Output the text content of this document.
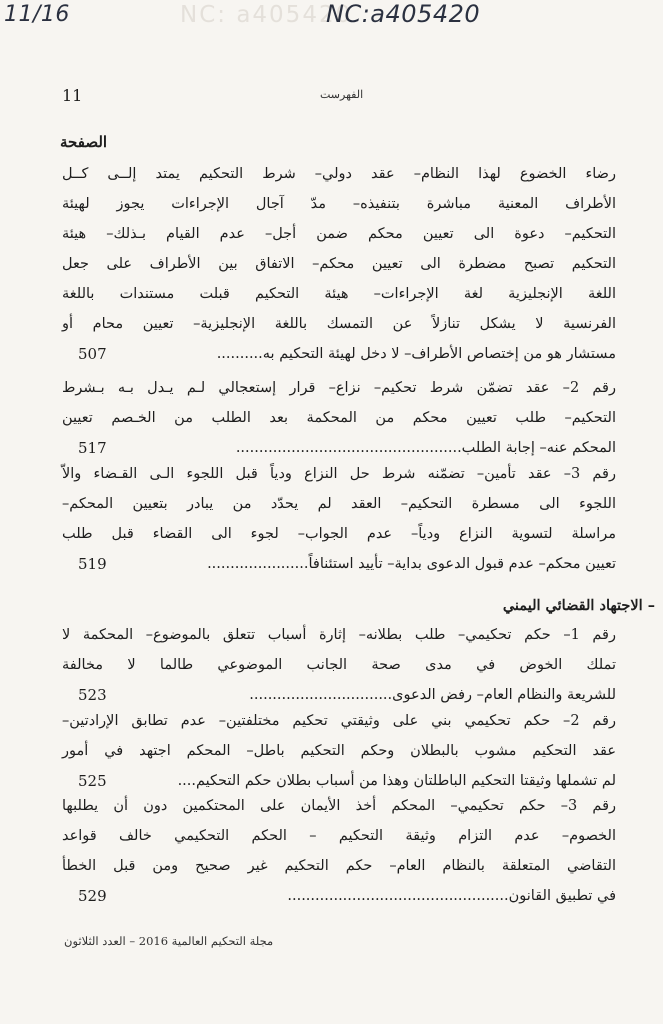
NC: a405420
11/16	NC:a405420
11	الفهرست
الصفحة
رضاء الخضوع لهذا النظام– عقد دولي– شرط التحكيم يمتد إلــى كــل
الأطراف المعنية مباشرة بتنفيذه– مدّ آجال الإجراءات يجوز لهيئة
التحكيم– دعوة الى تعيين محكم ضمن أجل– عدم القيام بـذلك– هيئة
التحكيم تصبح مضطرة الى تعيين محكم– الاتفاق بين الأطراف على جعل
اللغة الإنجليزية لغة الإجراءات– هيئة التحكيم قبلت مستندات باللغة
الفرنسية لا يشكل تنازلاً عن التمسك باللغة الإنجليزية– تعيين محام أو
مستشار هو من إختصاص الأطراف– لا دخل لهيئة التحكيم به..........
507
رقم 2– عقد تضمّن شرط تحكيم– نزاع– قرار إستعجالي لـم يـدل بـه بـشرط
التحكيم– طلب تعيين محكم من المحكمة بعد الطلب من الخـصم تعيين
المحكم عنه– إجابة الطلب.................................................
517
رقم 3– عقد تأمين– تضمّنه شرط حل النزاع ودياً قبل اللجوء الـى القـضاء والاّ
اللجوء الى مسطرة التحكيم– العقد لم يحدّد من يبادر بتعيين المحكم–
مراسلة لتسوية النزاع ودياً– عدم الجواب– لجوء الى القضاء قبل طلب
تعيين محكم– عدم قبول الدعوى بداية– تأييد استئنافاً......................
519
– الاجتهاد القضائي اليمني
رقم 1– حكم تحكيمي– طلب بطلانه– إثارة أسباب تتعلق بالموضوع– المحكمة لا
تملك الخوض في مدى صحة الجانب الموضوعي طالما لا مخالفة
للشريعة والنظام العام– رفض الدعوى...............................
523
رقم 2– حكم تحكيمي بني على وثيقتي تحكيم مختلفتين– عدم تطابق الإرادتين–
عقد التحكيم مشوب بالبطلان وحكم التحكيم باطل– المحكم اجتهد في أمور
لم تشملها وثيقتا التحكيم الباطلتان وهذا من أسباب بطلان حكم التحكيم....
525
رقم 3– حكم تحكيمي– المحكم أخذ الأيمان على المحتكمين دون أن يطلبها
الخصوم– عدم التزام وثيقة التحكيم – الحكم التحكيمي خالف قواعد
التقاضي المتعلقة بالنظام العام– حكم التحكيم غير صحيح ومن قبل الخطأ
في تطبيق القانون................................................
529
مجلة التحكيم العالمية 2016 – العدد الثلاثون
